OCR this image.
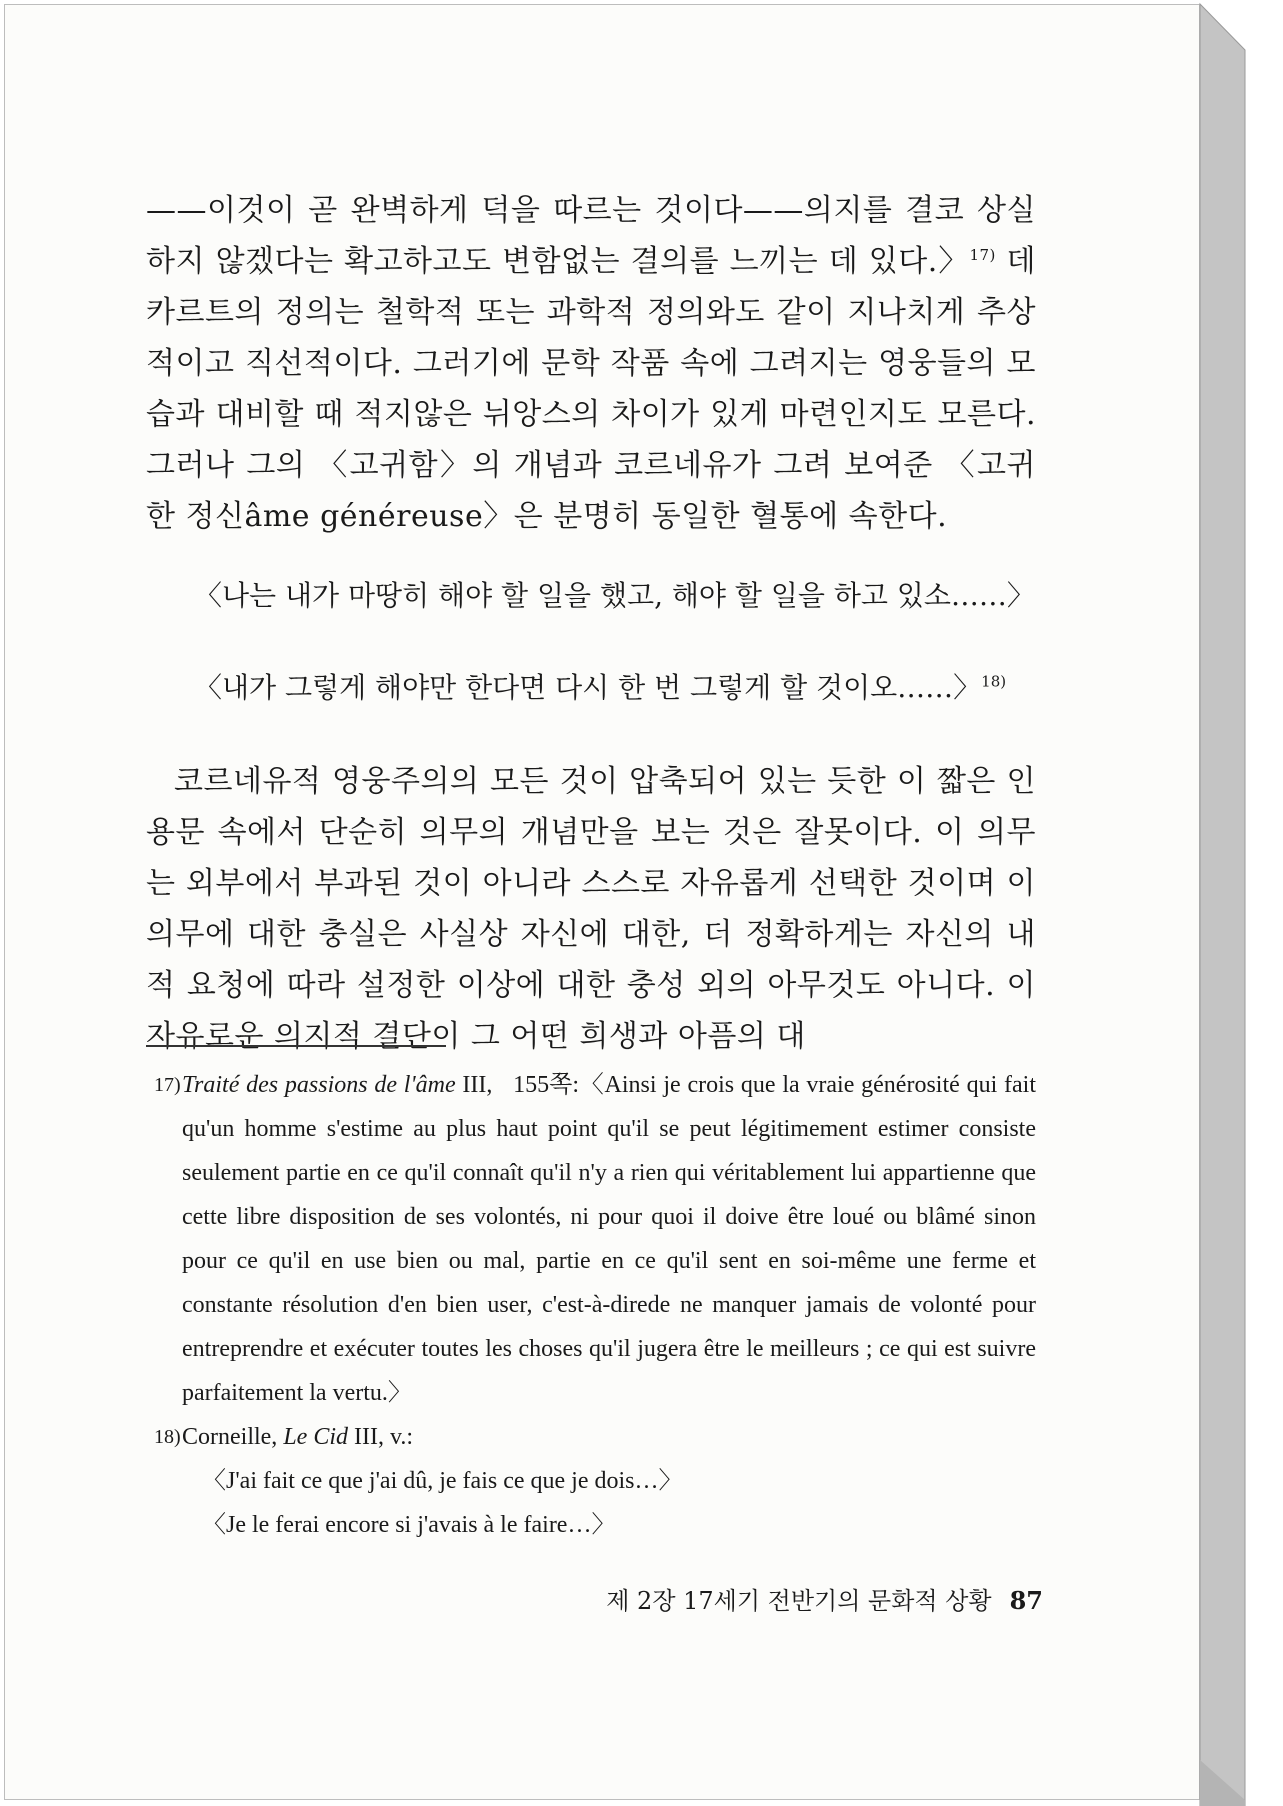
——이것이 곧 완벽하게 덕을 따르는 것이다——의지를 결코 상실하지 않겠다는 확고하고도 변함없는 결의를 느끼는 데 있다.〉$^{17)}$ 데카르트의 정의는 철학적 또는 과학적 정의와도 같이 지나치게 추상적이고 직선적이다. 그러기에 문학 작품 속에 그려지는 영웅들의 모습과 대비할 때 적지않은 뉘앙스의 차이가 있게 마련인지도 모른다. 그러나 그의 〈고귀함〉의 개념과 코르네유가 그려 보여준 〈고귀한 정신âme généreuse〉은 분명히 동일한 혈통에 속한다.

〈나는 내가 마땅히 해야 할 일을 했고, 해야 할 일을 하고 있소……〉

〈내가 그렇게 해야만 한다면 다시 한 번 그렇게 할 것이오……〉$^{18)}$

코르네유적 영웅주의의 모든 것이 압축되어 있는 듯한 이 짧은 인용문 속에서 단순히 의무의 개념만을 보는 것은 잘못이다. 이 의무는 외부에서 부과된 것이 아니라 스스로 자유롭게 선택한 것이며 이 의무에 대한 충실은 사실상 자신에 대한, 더 정확하게는 자신의 내적 요청에 따라 설정한 이상에 대한 충성 외의 아무것도 아니다. 이 자유로운 의지적 결단이 그 어떤 희생과 아픔의 대

17) Traité des passions de l'âme III, 155쪽:〈Ainsi je crois que la vraie générosité qui fait qu'un homme s'estime au plus haut point qu'il se peut légitimement estimer consiste seulement partie en ce qu'il connaît qu'il n'y a rien qui véritablement lui appartienne que cette libre disposition de ses volontés, ni pour quoi il doive être loué ou blâmé sinon pour ce qu'il en use bien ou mal, partie en ce qu'il sent en soi-même une ferme et constante résolution d'en bien user, c'est-à-direde ne manquer jamais de volonté pour entreprendre et exécuter toutes les choses qu'il jugera être le meilleurs ; ce qui est suivre parfaitement la vertu.〉

18) Corneille, Le Cid III, v.:
〈J'ai fait ce que j'ai dû, je fais ce que je dois…〉
〈Je le ferai encore si j'avais à le faire…〉

제 2장 17세기 전반기의 문화적 상황 87
